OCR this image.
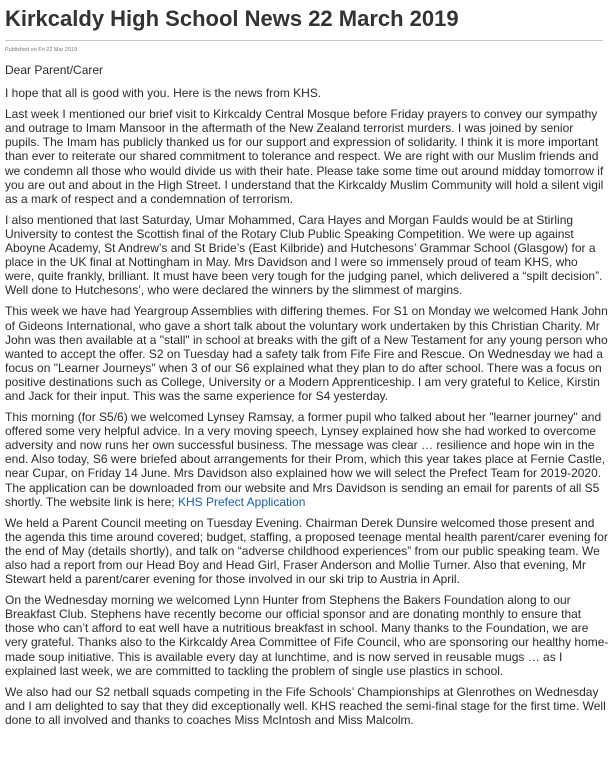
Kirkcaldy High School News 22 March 2019
Published on Fri 22 Mar 2019

Dear Parent/Carer

I hope that all is good with you. Here is the news from KHS.

Last week I mentioned our brief visit to Kirkcaldy Central Mosque before Friday prayers to convey our sympathy and outrage to Imam Mansoor in the aftermath of the New Zealand terrorist murders. I was joined by senior pupils. The Imam has publicly thanked us for our support and expression of solidarity. I think it is more important than ever to reiterate our shared commitment to tolerance and respect. We are right with our Muslim friends and we condemn all those who would divide us with their hate. Please take some time out around midday tomorrow if you are out and about in the High Street. I understand that the Kirkcaldy Muslim Community will hold a silent vigil as a mark of respect and a condemnation of terrorism.

I also mentioned that last Saturday, Umar Mohammed, Cara Hayes and Morgan Faulds would be at Stirling University to contest the Scottish final of the Rotary Club Public Speaking Competition. We were up against Aboyne Academy, St Andrew’s and St Bride’s (East Kilbride) and Hutchesons’ Grammar School (Glasgow) for a place in the UK final at Nottingham in May. Mrs Davidson and I were so immensely proud of team KHS, who were, quite frankly, brilliant. It must have been very tough for the judging panel, which delivered a “spilt decision”. Well done to Hutchesons’, who were declared the winners by the slimmest of margins.

This week we have had Yeargroup Assemblies with differing themes. For S1 on Monday we welcomed Hank John of Gideons International, who gave a short talk about the voluntary work undertaken by this Christian Charity. Mr John was then available at a "stall" in school at breaks with the gift of a New Testament for any young person who wanted to accept the offer. S2 on Tuesday had a safety talk from Fife Fire and Rescue. On Wednesday we had a focus on "Learner Journeys" when 3 of our S6 explained what they plan to do after school. There was a focus on positive destinations such as College, University or a Modern Apprenticeship. I am very grateful to Kelice, Kirstin and Jack for their input. This was the same experience for S4 yesterday.

This morning (for S5/6) we welcomed Lynsey Ramsay, a former pupil who talked about her "learner journey" and offered some very helpful advice. In a very moving speech, Lynsey explained how she had worked to overcome adversity and now runs her own successful business. The message was clear … resilience and hope win in the end. Also today, S6 were briefed about arrangements for their Prom, which this year takes place at Fernie Castle, near Cupar, on Friday 14 June. Mrs Davidson also explained how we will select the Prefect Team for 2019-2020. The application can be downloaded from our website and Mrs Davidson is sending an email for parents of all S5 shortly. The website link is here; KHS Prefect Application

We held a Parent Council meeting on Tuesday Evening. Chairman Derek Dunsire welcomed those present and the agenda this time around covered; budget, staffing, a proposed teenage mental health parent/carer evening for the end of May (details shortly), and talk on “adverse childhood experiences” from our public speaking team. We also had a report from our Head Boy and Head Girl, Fraser Anderson and Mollie Turner. Also that evening, Mr Stewart held a parent/carer evening for those involved in our ski trip to Austria in April.

On the Wednesday morning we welcomed Lynn Hunter from Stephens the Bakers Foundation along to our Breakfast Club. Stephens have recently become our official sponsor and are donating monthly to ensure that those who can’t afford to eat well have a nutritious breakfast in school. Many thanks to the Foundation, we are very grateful. Thanks also to the Kirkcaldy Area Committee of Fife Council, who are sponsoring our healthy home-made soup initiative. This is available every day at lunchtime, and is now served in reusable mugs … as I explained last week, we are committed to tackling the problem of single use plastics in school.

We also had our S2 netball squads competing in the Fife Schools’ Championships at Glenrothes on Wednesday and I am delighted to say that they did exceptionally well. KHS reached the semi-final stage for the first time. Well done to all involved and thanks to coaches Miss McIntosh and Miss Malcolm.
